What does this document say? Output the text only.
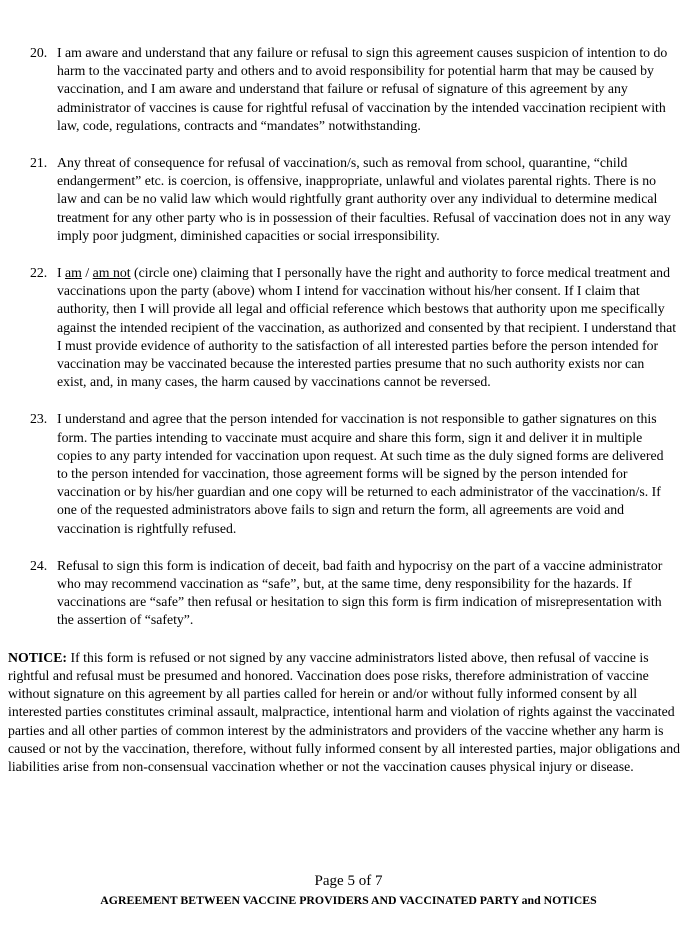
20. I am aware and understand that any failure or refusal to sign this agreement causes suspicion of intention to do harm to the vaccinated party and others and to avoid responsibility for potential harm that may be caused by vaccination, and I am aware and understand that failure or refusal of signature of this agreement by any administrator of vaccines is cause for rightful refusal of vaccination by the intended vaccination recipient with law, code, regulations, contracts and “mandates” notwithstanding.

21. Any threat of consequence for refusal of vaccination/s, such as removal from school, quarantine, “child endangerment” etc. is coercion, is offensive, inappropriate, unlawful and violates parental rights. There is no law and can be no valid law which would rightfully grant authority over any individual to determine medical treatment for any other party who is in possession of their faculties. Refusal of vaccination does not in any way imply poor judgment, diminished capacities or social irresponsibility.

22. I am / am not (circle one) claiming that I personally have the right and authority to force medical treatment and vaccinations upon the party (above) whom I intend for vaccination without his/her consent. If I claim that authority, then I will provide all legal and official reference which bestows that authority upon me specifically against the intended recipient of the vaccination, as authorized and consented by that recipient. I understand that I must provide evidence of authority to the satisfaction of all interested parties before the person intended for vaccination may be vaccinated because the interested parties presume that no such authority exists nor can exist, and, in many cases, the harm caused by vaccinations cannot be reversed.

23. I understand and agree that the person intended for vaccination is not responsible to gather signatures on this form. The parties intending to vaccinate must acquire and share this form, sign it and deliver it in multiple copies to any party intended for vaccination upon request. At such time as the duly signed forms are delivered to the person intended for vaccination, those agreement forms will be signed by the person intended for vaccination or by his/her guardian and one copy will be returned to each administrator of the vaccination/s. If one of the requested administrators above fails to sign and return the form, all agreements are void and vaccination is rightfully refused.

24. Refusal to sign this form is indication of deceit, bad faith and hypocrisy on the part of a vaccine administrator who may recommend vaccination as “safe”, but, at the same time, deny responsibility for the hazards. If vaccinations are “safe” then refusal or hesitation to sign this form is firm indication of misrepresentation with the assertion of “safety”.

NOTICE: If this form is refused or not signed by any vaccine administrators listed above, then refusal of vaccine is rightful and refusal must be presumed and honored. Vaccination does pose risks, therefore administration of vaccine without signature on this agreement by all parties called for herein or and/or without fully informed consent by all interested parties constitutes criminal assault, malpractice, intentional harm and violation of rights against the vaccinated parties and all other parties of common interest by the administrators and providers of the vaccine whether any harm is caused or not by the vaccination, therefore, without fully informed consent by all interested parties, major obligations and liabilities arise from non-consensual vaccination whether or not the vaccination causes physical injury or disease.

Page 5 of 7
AGREEMENT BETWEEN VACCINE PROVIDERS AND VACCINATED PARTY and NOTICES
